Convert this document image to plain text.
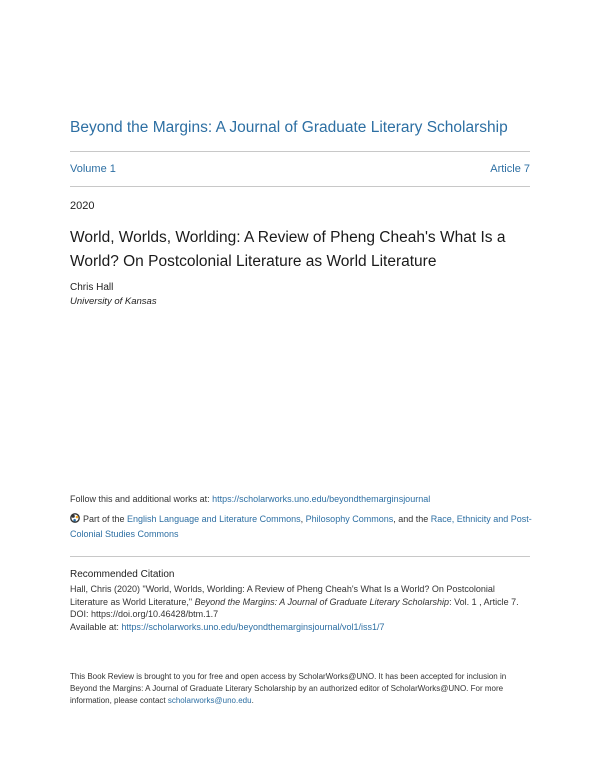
Beyond the Margins: A Journal of Graduate Literary Scholarship
Volume 1	Article 7
2020
World, Worlds, Worlding: A Review of Pheng Cheah's What Is a World? On Postcolonial Literature as World Literature
Chris Hall
University of Kansas
Follow this and additional works at: https://scholarworks.uno.edu/beyondthemarginsjournal
Part of the English Language and Literature Commons, Philosophy Commons, and the Race, Ethnicity and Post-Colonial Studies Commons
Recommended Citation
Hall, Chris (2020) "World, Worlds, Worlding: A Review of Pheng Cheah's What Is a World? On Postcolonial Literature as World Literature," Beyond the Margins: A Journal of Graduate Literary Scholarship: Vol. 1 , Article 7.
DOI: https://doi.org/10.46428/btm.1.7
Available at: https://scholarworks.uno.edu/beyondthemarginsjournal/vol1/iss1/7
This Book Review is brought to you for free and open access by ScholarWorks@UNO. It has been accepted for inclusion in Beyond the Margins: A Journal of Graduate Literary Scholarship by an authorized editor of ScholarWorks@UNO. For more information, please contact scholarworks@uno.edu.
